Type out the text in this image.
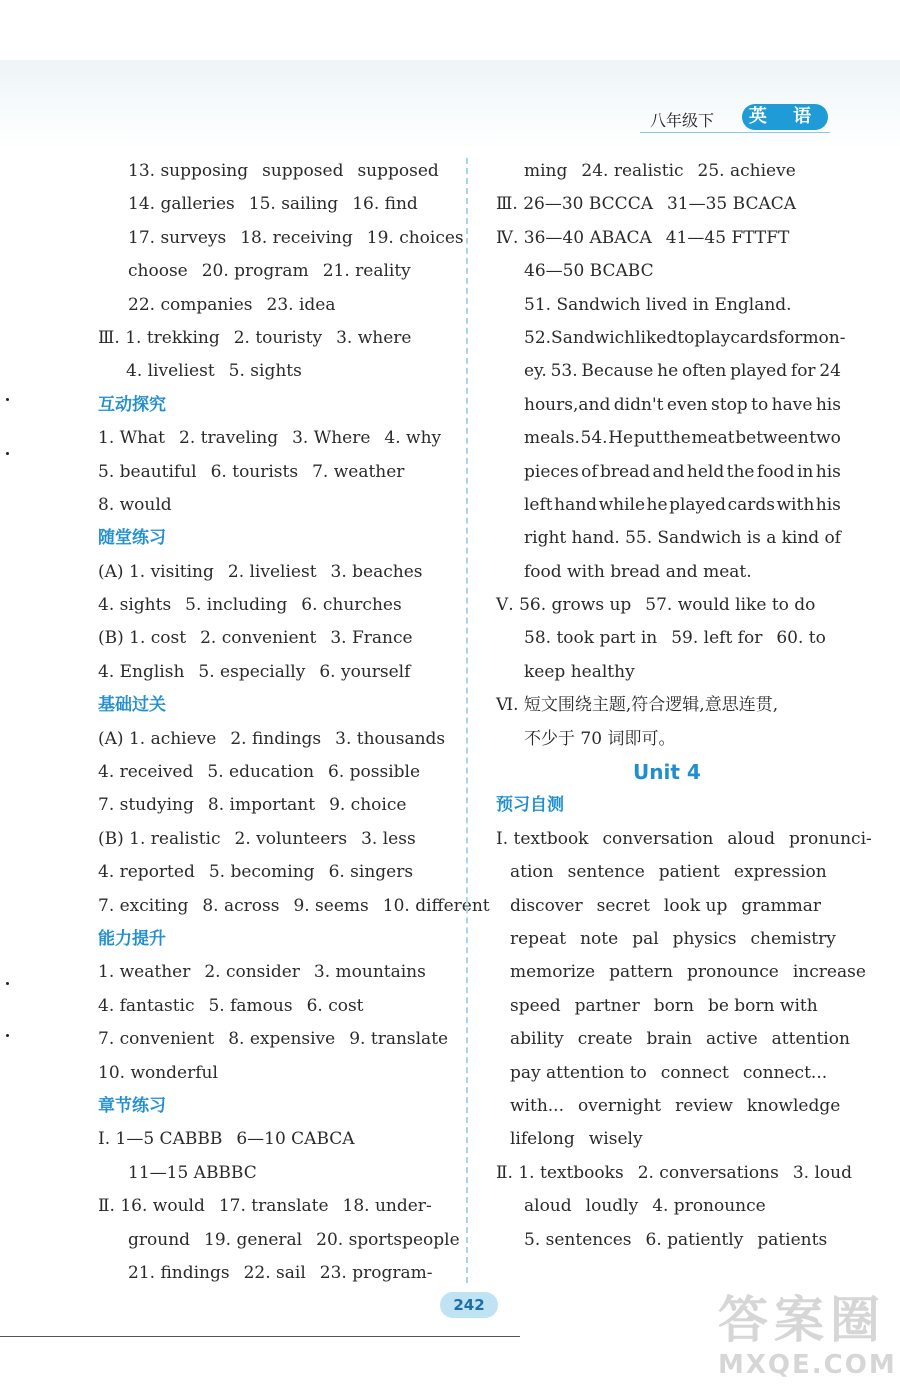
八年级下	英 语
13. supposing supposed supposed
14. galleries 15. sailing 16. find
17. surveys 18. receiving 19. choices
choose 20. program 21. reality
22. companies 23. idea
Ⅲ. 1. trekking 2. touristy 3. where
4. liveliest 5. sights
互动探究
1. What 2. traveling 3. Where 4. why
5. beautiful 6. tourists 7. weather
8. would
随堂练习
(A) 1. visiting 2. liveliest 3. beaches
4. sights 5. including 6. churches
(B) 1. cost 2. convenient 3. France
4. English 5. especially 6. yourself
基础过关
(A) 1. achieve 2. findings 3. thousands
4. received 5. education 6. possible
7. studying 8. important 9. choice
(B) 1. realistic 2. volunteers 3. less
4. reported 5. becoming 6. singers
7. exciting 8. across 9. seems 10. different
能力提升
1. weather 2. consider 3. mountains
4. fantastic 5. famous 6. cost
7. convenient 8. expensive 9. translate
10. wonderful
章节练习
Ⅰ. 1—5 CABBB 6—10 CABCA
11—15 ABBBC
Ⅱ. 16. would 17. translate 18. under-
ground 19. general 20. sportspeople
21. findings 22. sail 23. program-
ming 24. realistic 25. achieve
Ⅲ. 26—30 BCCCA 31—35 BCACA
Ⅳ. 36—40 ABACA 41—45 FTTFT
46—50 BCABC
51. Sandwich lived in England.
52. Sandwich liked to play cards for mon-
ey. 53. Because he often played for 24
hours,and didn't even stop to have his
meals. 54. He put the meat between two
pieces of bread and held the food in his
left hand while he played cards with his
right hand. 55. Sandwich is a kind of
food with bread and meat.
Ⅴ. 56. grows up 57. would like to do
58. took part in 59. left for 60. to
keep healthy
Ⅵ. 短文围绕主题,符合逻辑,意思连贯,
不少于 70 词即可。
Unit 4
预习自测
Ⅰ. textbook conversation aloud pronunci-
ation sentence patient expression
discover secret look up grammar
repeat note pal physics chemistry
memorize pattern pronounce increase
speed partner born be born with
ability create brain active attention
pay attention to connect connect...
with... overnight review knowledge
lifelong wisely
Ⅱ. 1. textbooks 2. conversations 3. loud
aloud loudly 4. pronounce
5. sentences 6. patiently patients
242	答案圈
MXQE.COM
